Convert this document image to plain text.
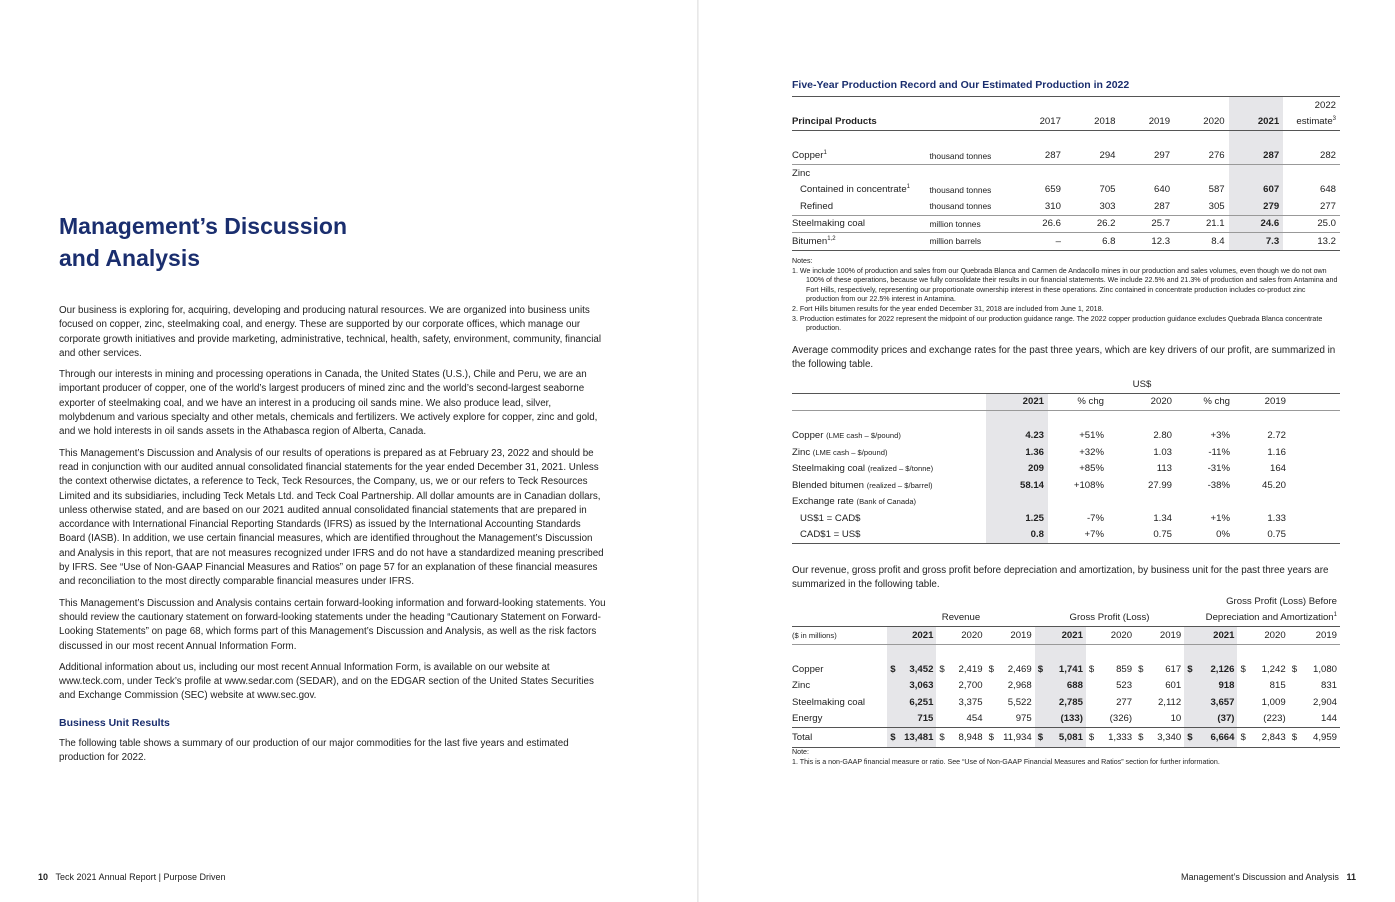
Management’s Discussion
and Analysis

Our business is exploring for, acquiring, developing and producing natural resources. We are organized into business units focused on copper, zinc, steelmaking coal, and energy. These are supported by our corporate offices, which manage our corporate growth initiatives and provide marketing, administrative, technical, health, safety, environment, community, financial and other services.

Through our interests in mining and processing operations in Canada, the United States (U.S.), Chile and Peru, we are an important producer of copper, one of the world’s largest producers of mined zinc and the world’s second-largest seaborne exporter of steelmaking coal, and we have an interest in a producing oil sands mine. We also produce lead, silver, molybdenum and various specialty and other metals, chemicals and fertilizers. We actively explore for copper, zinc and gold, and we hold interests in oil sands assets in the Athabasca region of Alberta, Canada.

This Management’s Discussion and Analysis of our results of operations is prepared as at February 23, 2022 and should be read in conjunction with our audited annual consolidated financial statements for the year ended December 31, 2021. Unless the context otherwise dictates, a reference to Teck, Teck Resources, the Company, us, we or our refers to Teck Resources Limited and its subsidiaries, including Teck Metals Ltd. and Teck Coal Partnership. All dollar amounts are in Canadian dollars, unless otherwise stated, and are based on our 2021 audited annual consolidated financial statements that are prepared in accordance with International Financial Reporting Standards (IFRS) as issued by the International Accounting Standards Board (IASB). In addition, we use certain financial measures, which are identified throughout the Management’s Discussion and Analysis in this report, that are not measures recognized under IFRS and do not have a standardized meaning prescribed by IFRS. See “Use of Non-GAAP Financial Measures and Ratios” on page 57 for an explanation of these financial measures and reconciliation to the most directly comparable financial measures under IFRS.

This Management’s Discussion and Analysis contains certain forward-looking information and forward-looking statements. You should review the cautionary statement on forward-looking statements under the heading “Cautionary Statement on Forward-Looking Statements” on page 68, which forms part of this Management’s Discussion and Analysis, as well as the risk factors discussed in our most recent Annual Information Form.

Additional information about us, including our most recent Annual Information Form, is available on our website at www.teck.com, under Teck’s profile at www.sedar.com (SEDAR), and on the EDGAR section of the United States Securities and Exchange Commission (SEC) website at www.sec.gov.

Business Unit Results

The following table shows a summary of our production of our major commodities for the last five years and estimated production for 2022.

10 Teck 2021 Annual Report | Purpose Driven
Five-Year Production Record and Our Estimated Production in 2022
							2022
Principal Products		2017	2018	2019	2020	2021	estimate$^3$

Copper$^1$	thousand tonnes	287	294	297	276	287	282
Zinc							
Contained in concentrate$^1$	thousand tonnes	659	705	640	587	607	648
Refined	thousand tonnes	310	303	287	305	279	277
Steelmaking coal	million tonnes	26.6	26.2	25.7	21.1	24.6	25.0
Bitumen$^{1,2}$	million barrels	–	6.8	12.3	8.4	7.3	13.2
Notes:
1. We include 100% of production and sales from our Quebrada Blanca and Carmen de Andacollo mines in our production and sales volumes, even though we do not own 100% of these operations, because we fully consolidate their results in our financial statements. We include 22.5% and 21.3% of production and sales from Antamina and Fort Hills, respectively, representing our proportionate ownership interest in these operations. Zinc contained in concentrate production includes co-product zinc production from our 22.5% interest in Antamina.
2. Fort Hills bitumen results for the year ended December 31, 2018 are included from June 1, 2018.
3. Production estimates for 2022 represent the midpoint of our production guidance range. The 2022 copper production guidance excludes Quebrada Blanca concentrate production.
Average commodity prices and exchange rates for the past three years, which are key drivers of our profit, are summarized in the following table.
			US$			
	2021	% chg	2020	% chg	2019	

Copper (LME cash – $/pound)	4.23	+51%	2.80	+3%	2.72	
Zinc (LME cash – $/pound)	1.36	+32%	1.03	-11%	1.16	
Steelmaking coal (realized – $/tonne)	209	+85%	113	-31%	164	
Blended bitumen (realized – $/barrel)	58.14	+108%	27.99	-38%	45.20	
Exchange rate (Bank of Canada)						
US$1 = CAD$	1.25	-7%	1.34	+1%	1.33	
CAD$1 = US$	0.8	+7%	0.75	0%	0.75	
Our revenue, gross profit and gross profit before depreciation and amortization, by business unit for the past three years are summarized in the following table.
							Gross Profit (Loss) Before		
	Revenue			Gross Profit (Loss)			Depreciation and Amortization$^1$
($ in millions)	2021	2020	2019	2021	2020	2019	2021	2020	2019

Copper	$ 3,452	$ 2,419	$ 2,469	$ 1,741	$ 859	$ 617	$ 2,126	$ 1,242	$ 1,080
Zinc	3,063	2,700	2,968	688	523	601	918	815	831
Steelmaking coal	6,251	3,375	5,522	2,785	277	2,112	3,657	1,009	2,904
Energy	715	454	975	(133)	(326)	10	(37)	(223)	144
Total	$ 13,481	$ 8,948	$ 11,934	$ 5,081	$ 1,333	$ 3,340	$ 6,664	$ 2,843	$ 4,959
Note:
1. This is a non-GAAP financial measure or ratio. See “Use of Non-GAAP Financial Measures and Ratios” section for further information.
Management’s Discussion and Analysis 11
